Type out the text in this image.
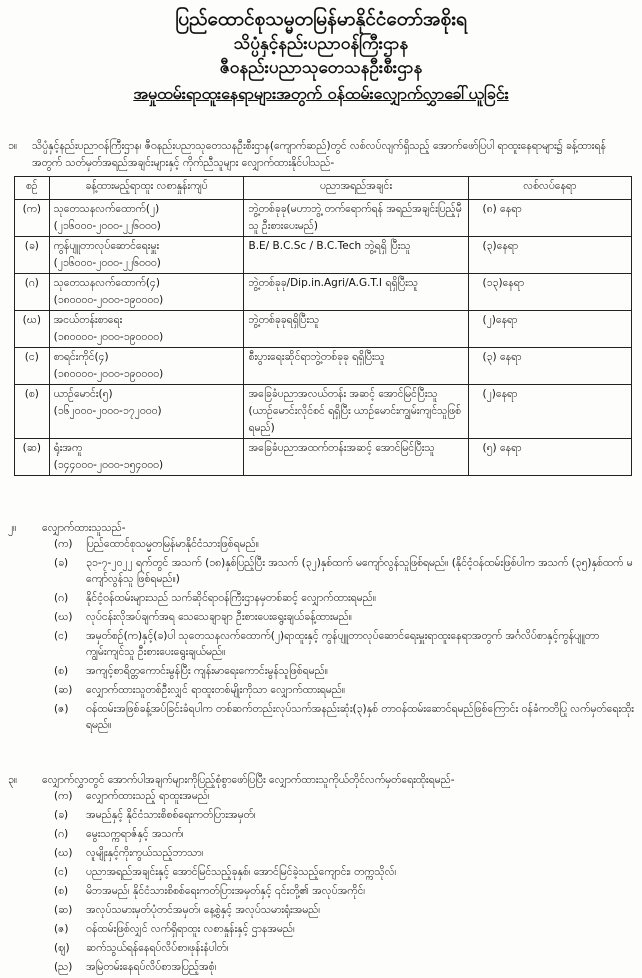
ပြည်ထောင်စုသမ္မတမြန်မာနိုင်ငံတော်အစိုးရ
သိပ္ပံနှင့်နည်းပညာဝန်ကြီးဌာန
ဇီဝနည်းပညာသုတေသနဦးစီးဌာန
အမှုထမ်းရာထူးနေရာများအတွက် ဝန်ထမ်းလျှောက်လွှာခေါ်ယူခြင်း
၁။	သိပ္ပံနှင့်နည်းပညာဝန်ကြီးဌာန၊ ဇီဝနည်းပညာသုတေသနဦးစီးဌာန(ကျောက်ဆည်)တွင် လစ်လပ်လျက်ရှိသည့် အောက်ဖော်ပြပါ ရာထူးနေရာများ၌ ခန့်ထားရန်အတွက် သတ်မှတ်အရည်အချင်းများနှင့် ကိုက်ညီသူများ လျှောက်ထားနိုင်ပါသည်-
စဉ်	ခန့်ထားမည့်ရာထူး လစာနှုန်းကျပ်	ပညာအရည်အချင်း	လစ်လပ်နေရာ
(က)	သုတေသနလက်ထောက်(၂)
(၂၁၆၀၀၀-၂၀၀၀-၂၂၆၀၀၀)	ဘွဲ့တစ်ခုခု(မဟာဘွဲ့ တက်ရောက်ရန် အရည်အချင်းပြည့်မှီသူ ဦးစားပေးမည်)	(၈) နေရာ
(ခ)	ကွန်ပျူတာလုပ်ဆောင်ရေးမှူး
(၂၁၆၀၀၀-၂၀၀၀-၂၂၆၀၀၀)	B.E/ B.C.Sc / B.C.Tech ဘွဲ့ရရှိ ပြီးသူ	(၃)နေရာ
(ဂ)	သုတေသနလက်ထောက်(၄)
(၁၈၀၀၀၀-၂၀၀၀-၁၉၀၀၀၀)	ဘွဲ့တစ်ခုခု/Dip.in.Agri/A.G.T.I ရရှိပြီးသူ	(၁၃)နေရာ
(ဃ)	အငယ်တန်းစာရေး
(၁၈၀၀၀၀-၂၀၀၀-၁၉၀၀၀၀)	ဘွဲ့တစ်ခုခုရရှိပြီးသူ	(၂)နေရာ
(င)	စာရင်းကိုင်(၄)
(၁၈၀၀၀၀-၂၀၀၀-၁၉၀၀၀၀)	စီးပွားရေးဆိုင်ရာဘွဲ့တစ်ခုခု ရရှိပြီးသူ	(၃) နေရာ
(စ)	ယာဉ်မောင်း(၅)
(၁၆၂၀၀၀-၂၀၀၀-၁၇၂၀၀၀)	အခြေခံပညာအလယ်တန်း အဆင့် အောင်မြင်ပြီးသူ (ယာဉ်မောင်းလိုင်စင် ရရှိပြီး ယာဉ်မောင်းကျွမ်းကျင်သူဖြစ်ရမည်)	(၂)နေရာ
(ဆ)	ရုံးအကူ
(၁၄၄၀၀၀-၂၀၀၀-၁၅၄၀၀၀)	အခြေခံပညာအထက်တန်းအဆင့် အောင်မြင်ပြီးသူ	(၅) နေရာ
၂။	လျှောက်ထားသူသည်-
(က) ပြည်ထောင်စုသမ္မတမြန်မာနိုင်ငံသားဖြစ်ရမည်။
(ခ) ၃၁-၇-၂၀၂၂ ရက်တွင် အသက် (၁၈)နှစ်ပြည့်ပြီး အသက် (၃၂)နှစ်ထက် မကျော်လွန်သူဖြစ်ရမည်။ (နိုင်ငံ့ဝန်ထမ်းဖြစ်ပါက အသက် (၃၅)နှစ်ထက် မကျော်လွန်သူ ဖြစ်ရမည်။)
(ဂ) နိုင်ငံ့ဝန်ထမ်းများသည် သက်ဆိုင်ရာဝန်ကြီးဌာနမှတစ်ဆင့် လျှောက်ထားရမည်။
(ဃ) လုပ်ငန်းလိုအပ်ချက်အရ သေသေချာချာ ဦးစားပေးရွေးချယ်ခန့်ထားမည်။
(င) အမှတ်စဉ်(က)နှင့်(ခ)ပါ သုတေသနလက်ထောက်(၂)ရာထူးနှင့် ကွန်ပျူတာလုပ်ဆောင်ရေးမှူးရာထူးနေရာအတွက် အင်္ဂလိပ်စာနှင့်ကွန်ပျူတာကျွမ်းကျင်သူ ဦးစားပေးရွေးချယ်မည်။
(စ) အကျင့်စာရိတ္တကောင်းမွန်ပြီး ကျန်းမာရေးကောင်းမွန်သူဖြစ်ရမည်။
(ဆ) လျှောက်ထားသူတစ်ဦးလျှင် ရာထူးတစ်မျိုးကိုသာ လျှောက်ထားရမည်။
(ဇ) ဝန်ထမ်းအဖြစ်ခန့်အပ်ခြင်းခံရပါက တစ်ဆက်တည်းလုပ်သက်အနည်းဆုံး(၃)နှစ် တာဝန်ထမ်းဆောင်ရမည်ဖြစ်ကြောင်း ဝန်ခံကတိပြု လက်မှတ်ရေးထိုးရမည်။
၃။	လျှောက်လွှာတွင် အောက်ပါအချက်များကိုပြည့်စုံစွာဖော်ပြပြီး လျှောက်ထားသူကိုယ်တိုင်လက်မှတ်ရေးထိုးရမည်-
(က) လျှောက်ထားသည့် ရာထူးအမည်၊
(ခ) အမည်နှင့် နိုင်ငံသားစိစစ်ရေးကတ်ပြားအမှတ်၊
(ဂ) မွေးသက္ကရာဇ်နှင့် အသက်၊
(ဃ) လူမျိုးနှင့်ကိုးကွယ်သည့်ဘာသာ၊
(င) ပညာအရည်အချင်းနှင့် အောင်မြင်သည့်ခုနှစ်၊ အောင်မြင်ခဲ့သည့်ကျောင်း၊ တက္ကသိုလ်၊
(စ) မိဘအမည်၊ နိုင်ငံသားစိစစ်ရေးကတ်ပြားအမှတ်နှင့် ၎င်းတို့၏ အလုပ်အကိုင်၊
(ဆ) အလုပ်သမားမှတ်ပုံတင်အမှတ်၊ နေ့စွဲနှင့် အလုပ်သမားရုံးအမည်၊
(ဇ) ဝန်ထမ်းဖြစ်လျှင် လက်ရှိရာထူး လစာနှုန်းနှင့် ဌာနအမည်၊
(ဈ) ဆက်သွယ်ရန်နေရပ်လိပ်စာ၊ဖုန်းနံပါတ်၊
(ည) အမြဲတမ်းနေရပ်လိပ်စာအပြည့်အစုံ၊
